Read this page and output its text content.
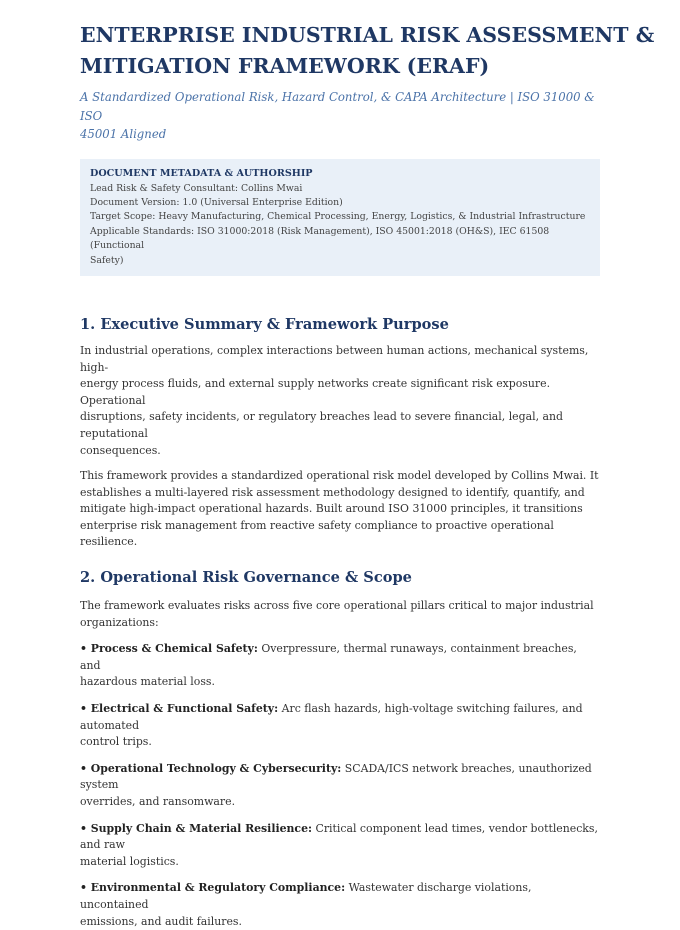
ENTERPRISE INDUSTRIAL RISK ASSESSMENT &
MITIGATION FRAMEWORK (ERAF)

A Standardized Operational Risk, Hazard Control, & CAPA Architecture | ISO 31000 & ISO
45001 Aligned

DOCUMENT METADATA & AUTHORSHIP
Lead Risk & Safety Consultant: Collins Mwai
Document Version: 1.0 (Universal Enterprise Edition)
Target Scope: Heavy Manufacturing, Chemical Processing, Energy, Logistics, & Industrial Infrastructure
Applicable Standards: ISO 31000:2018 (Risk Management), ISO 45001:2018 (OH&S), IEC 61508 (Functional
Safety)
1. Executive Summary & Framework Purpose

In industrial operations, complex interactions between human actions, mechanical systems, high-
energy process fluids, and external supply networks create significant risk exposure. Operational
disruptions, safety incidents, or regulatory breaches lead to severe financial, legal, and reputational
consequences.

This framework provides a standardized operational risk model developed by Collins Mwai. It
establishes a multi-layered risk assessment methodology designed to identify, quantify, and
mitigate high-impact operational hazards. Built around ISO 31000 principles, it transitions
enterprise risk management from reactive safety compliance to proactive operational resilience.

2. Operational Risk Governance & Scope

The framework evaluates risks across five core operational pillars critical to major industrial
organizations:

• Process & Chemical Safety: Overpressure, thermal runaways, containment breaches, and
hazardous material loss.

• Electrical & Functional Safety: Arc flash hazards, high-voltage switching failures, and automated
control trips.

• Operational Technology & Cybersecurity: SCADA/ICS network breaches, unauthorized system
overrides, and ransomware.

• Supply Chain & Material Resilience: Critical component lead times, vendor bottlenecks, and raw
material logistics.

• Environmental & Regulatory Compliance: Wastewater discharge violations, uncontained
emissions, and audit failures.
